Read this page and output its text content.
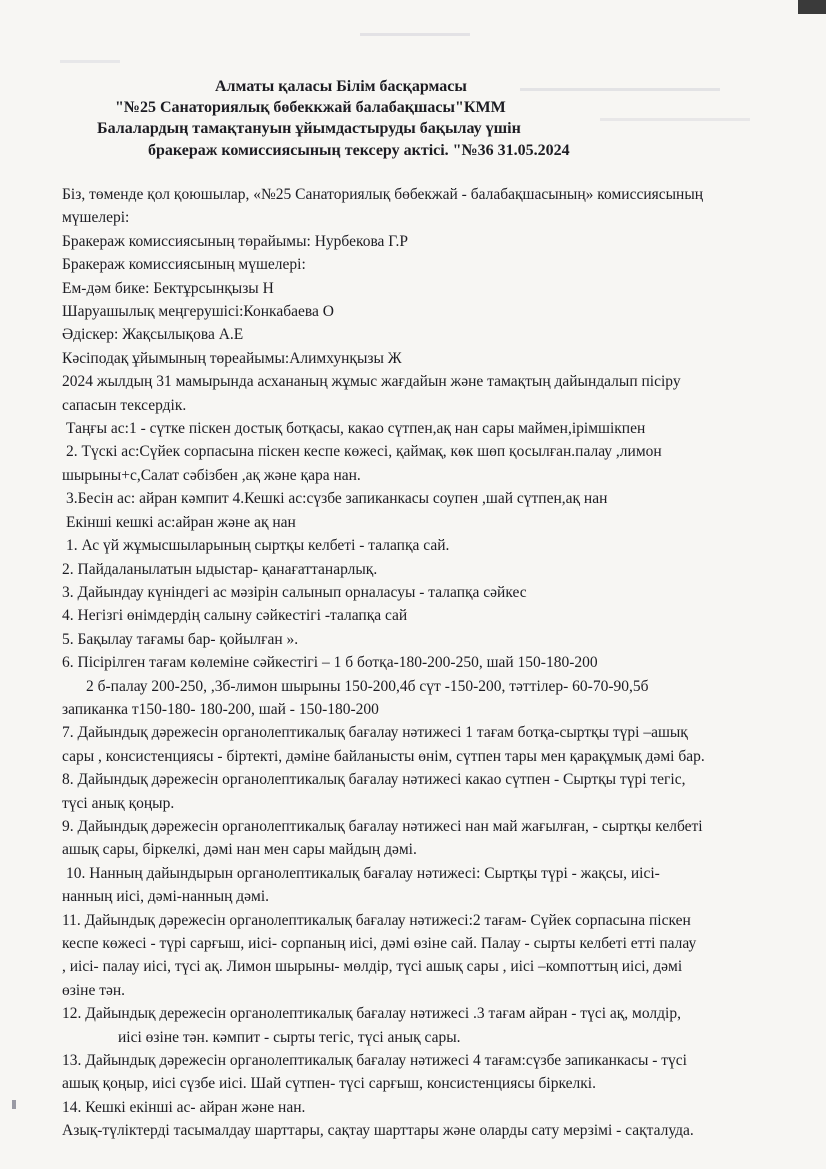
Алматы қаласы Білім басқармасы
"№25 Санаториялық бөбеккжай балабақшасы"КММ
Балалардың тамақтануын ұйымдастыруды бақылау үшін
бракераж комиссиясының тексеру актісі. "№36 31.05.2024

Біз, төменде қол қоюшылар, «№25 Санаториялық бөбекжай - балабақшасының» комиссиясының

мүшелері:

Бракераж комиссиясының төрайымы: Нурбекова Г.Р

Бракераж комиссиясының мүшелері:

Ем-дәм бике: Бектұрсынқызы Н

Шаруашылық меңгерушісі:Конкабаева О

Әдіскер: Жақсылықова А.Е

Кәсіподақ ұйымының төреайымы:Алимхунқызы Ж

2024 жылдың 31 мамырында асхананың жұмыс жағдайын және тамақтың дайындалып пісіру

сапасын тексердік.

Таңғы ас:1 - сүтке піскен достық ботқасы, какао сүтпен,ақ нан сары маймен,ірімшікпен

2. Түскі ас:Сүйек сорпасына піскен кеспе көжесі, қаймақ, көк шөп қосылған.палау ,лимон

шырыны+с,Салат сәбізбен ,ақ және қара нан.

3.Бесін ас: айран кәмпит 4.Кешкі ас:сүзбе запиканкасы соупен ,шай сүтпен,ақ нан

Екінші кешкі ас:айран және ақ нан

1. Ас үй жұмысшыларының сыртқы келбеті - талапқа сай.

2. Пайдаланылатын ыдыстар- қанағаттанарлық.

3. Дайындау күніндегі ас мәзірін салынып орналасуы - талапқа сәйкес

4. Негізгі өнімдердің салыну сәйкестігі -талапқа сай

5. Бақылау тағамы бар- қойылған ».

6. Пісірілген тағам көлеміне сәйкестігі – 1 б ботқа-180-200-250, шай 150-180-200

2 б-палау 200-250, ,3б-лимон шырыны 150-200,4б сүт -150-200, тәттілер- 60-70-90,5б

запиканка т150-180- 180-200, шай - 150-180-200

7. Дайындық дәрежесін органолептикалық бағалау нәтижесі 1 тағам ботқа-сыртқы түрі –ашық

сары , консистенциясы - біртекті, дәміне байланысты өнім, сүтпен тары мен қарақұмық дәмі бар.

8. Дайындық дәрежесін органолептикалық бағалау нәтижесі какао сүтпен - Сыртқы түрі тегіс,

түсі анық қоңыр.

9. Дайындық дәрежесін органолептикалық бағалау нәтижесі нан май жағылған, - сыртқы келбеті

ашық сары, біркелкі, дәмі нан мен сары майдың дәмі.

10. Нанның дайындырын органолептикалық бағалау нәтижесі: Сыртқы түрі - жақсы, иісі-

нанның иісі, дәмі-нанның дәмі.

11. Дайындық дәрежесін органолептикалық бағалау нәтижесі:2 тағам- Сүйек сорпасына піскен

кеспе көжесі - түрі сарғыш, иісі- сорпаның иісі, дәмі өзіне сай. Палау - сырты келбеті етті палау

, иісі- палау иісі, түсі ақ. Лимон шырыны- мөлдір, түсі ашық сары , иісі –компоттың иісі, дәмі

өзіне тән.

12. Дайындық дережесін органолептикалық бағалау нәтижесі .3 тағам айран - түсі ақ, молдір,

иісі өзіне тән. кәмпит - сырты тегіс, түсі анық сары.

13. Дайындық дәрежесін органолептикалық бағалау нәтижесі 4 тағам:сүзбе запиканкасы - түсі

ашық қоңыр, иісі сүзбе иісі. Шай сүтпен- түсі сарғыш, консистенциясы біркелкі.

14. Кешкі екінші ас- айран және нан.

Азық-түліктерді тасымалдау шарттары, сақтау шарттары және оларды сату мерзімі - сақталуда.
